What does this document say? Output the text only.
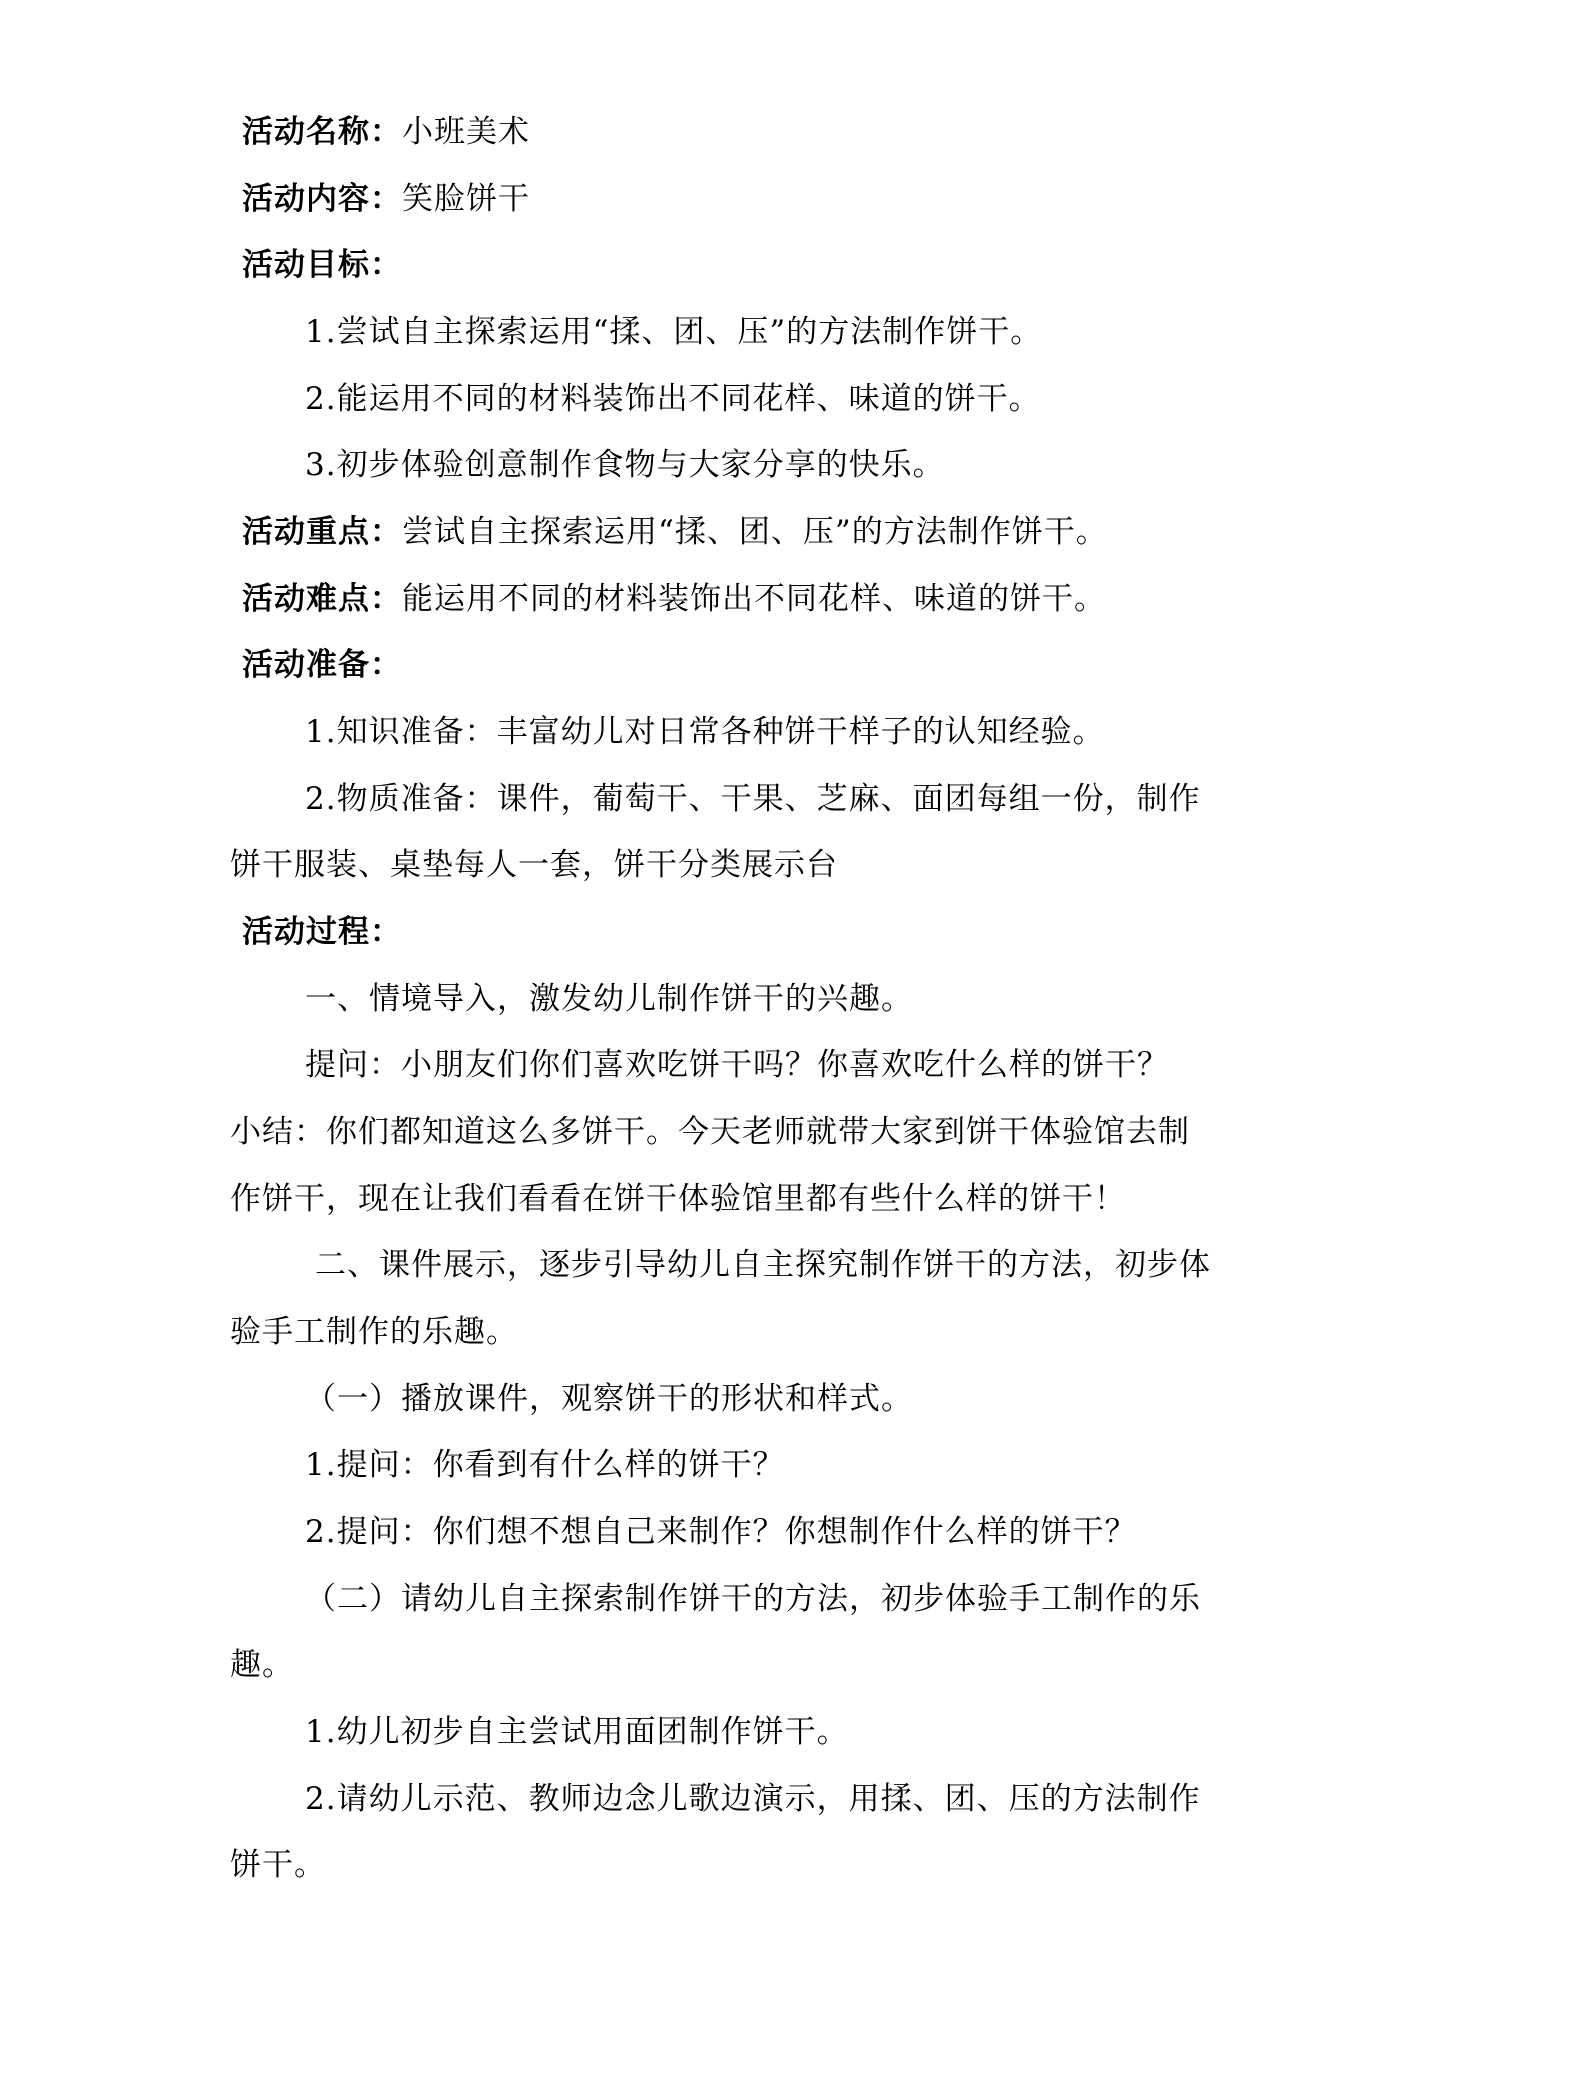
活动名称：小班美术
活动内容：笑脸饼干
活动目标：
1.尝试自主探索运用“揉、团、压”的方法制作饼干。
2.能运用不同的材料装饰出不同花样、味道的饼干。
3.初步体验创意制作食物与大家分享的快乐。
活动重点：尝试自主探索运用“揉、团、压”的方法制作饼干。
活动难点：能运用不同的材料装饰出不同花样、味道的饼干。
活动准备：
1.知识准备：丰富幼儿对日常各种饼干样子的认知经验。
2.物质准备：课件，葡萄干、干果、芝麻、面团每组一份，制作
饼干服装、桌垫每人一套，饼干分类展示台
活动过程：
一、情境导入，激发幼儿制作饼干的兴趣。
提问：小朋友们你们喜欢吃饼干吗？你喜欢吃什么样的饼干？
小结：你们都知道这么多饼干。今天老师就带大家到饼干体验馆去制
作饼干，现在让我们看看在饼干体验馆里都有些什么样的饼干！
二、课件展示，逐步引导幼儿自主探究制作饼干的方法，初步体
验手工制作的乐趣。
（一）播放课件，观察饼干的形状和样式。
1.提问：你看到有什么样的饼干？
2.提问：你们想不想自己来制作？你想制作什么样的饼干？
（二）请幼儿自主探索制作饼干的方法，初步体验手工制作的乐
趣。
1.幼儿初步自主尝试用面团制作饼干。
2.请幼儿示范、教师边念儿歌边演示，用揉、团、压的方法制作
饼干。
